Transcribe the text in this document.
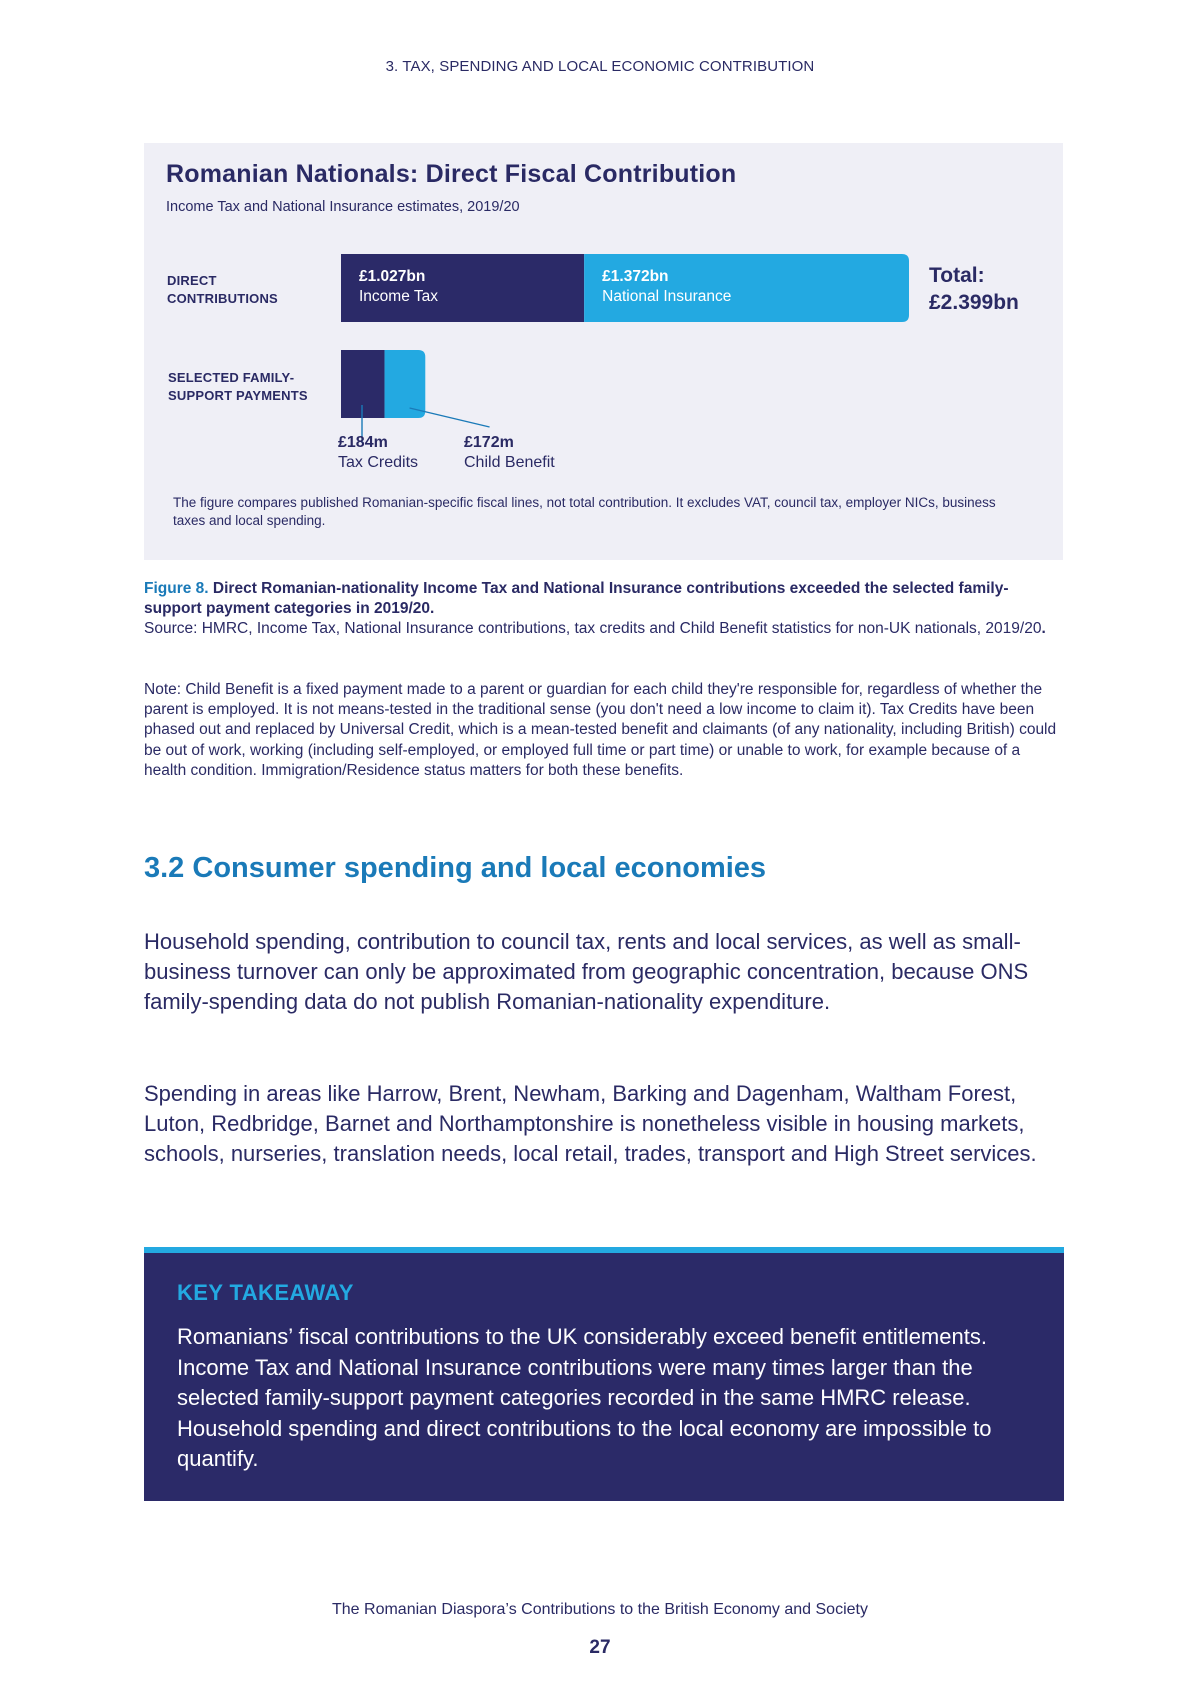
3. TAX, SPENDING AND LOCAL ECONOMIC CONTRIBUTION
Romanian Nationals: Direct Fiscal Contribution
Income Tax and National Insurance estimates, 2019/20
DIRECT
CONTRIBUTIONS
SELECTED FAMILY-
SUPPORT PAYMENTS
£1.027bn
Income Tax
£1.372bn
National Insurance
Total:
£2.399bn
£184m
Tax Credits
£172m
Child Benefit
The figure compares published Romanian-specific fiscal lines, not total contribution. It excludes VAT, council tax, employer NICs, business taxes and local spending.
Figure 8. Direct Romanian-nationality Income Tax and National Insurance contributions exceeded the selected family-support payment categories in 2019/20.
Source: HMRC, Income Tax, National Insurance contributions, tax credits and Child Benefit statistics for non-UK nationals, 2019/20.
Note: Child Benefit is a fixed payment made to a parent or guardian for each child they're responsible for, regardless of whether the parent is employed. It is not means-tested in the traditional sense (you don't need a low income to claim it). Tax Credits have been phased out and replaced by Universal Credit, which is a mean-tested benefit and claimants (of any nationality, including British) could be out of work, working (including self-employed, or employed full time or part time) or unable to work, for example because of a health condition. Immigration/Residence status matters for both these benefits.
3.2 Consumer spending and local economies
Household spending, contribution to council tax, rents and local services, as well as small-business turnover can only be approximated from geographic concentration, because ONS family-spending data do not publish Romanian-nationality expenditure.
Spending in areas like Harrow, Brent, Newham, Barking and Dagenham, Waltham Forest, Luton, Redbridge, Barnet and Northamptonshire is nonetheless visible in housing markets, schools, nurseries, translation needs, local retail, trades, transport and High Street services.
KEY TAKEAWAY
Romanians’ fiscal contributions to the UK considerably exceed benefit entitlements. Income Tax and National Insurance contributions were many times larger than the selected family-support payment categories recorded in the same HMRC release. Household spending and direct contributions to the local economy are impossible to quantify.
The Romanian Diaspora’s Contributions to the British Economy and Society
27
